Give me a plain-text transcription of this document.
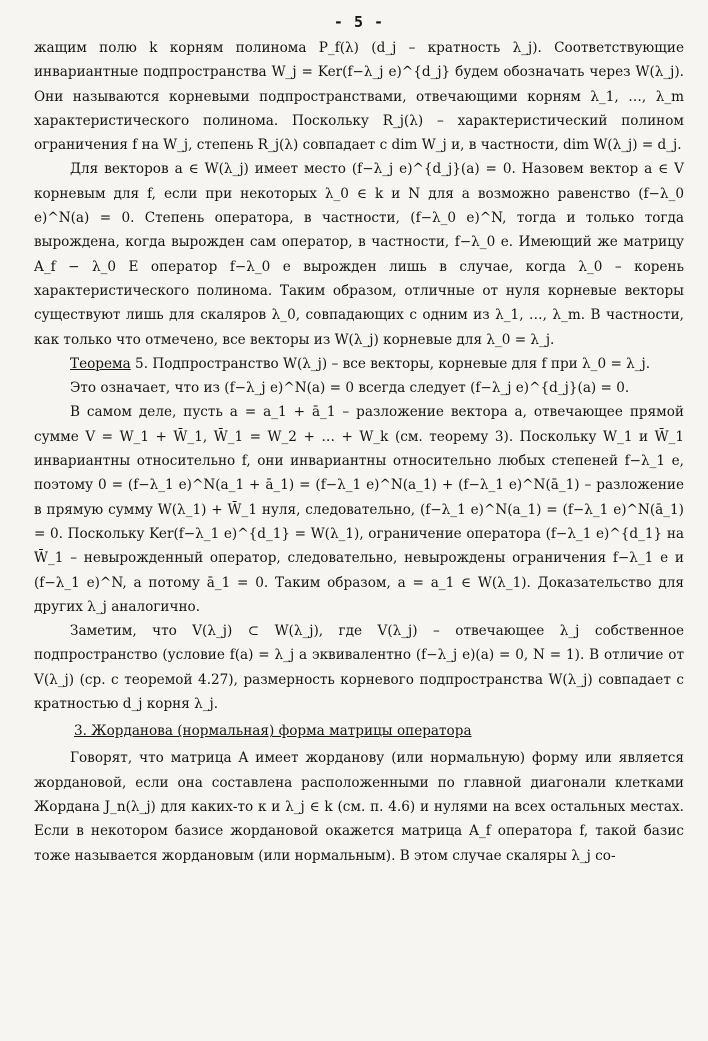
- 5 -

жащим полю k корням полинома P_f(λ) (d_j – кратность λ_j). Соответствующие инвариантные подпространства W_j = Ker(f−λ_j e)^{d_j} будем обозначать через W(λ_j). Они называются корневыми подпространствами, отвечающими корням λ_1, …, λ_m характеристического полинома. Поскольку R_j(λ) – характеристический полином ограничения f на W_j, степень R_j(λ) совпадает с dim W_j и, в частности, dim W(λ_j) = d_j.

Для векторов a ∈ W(λ_j) имеет место (f−λ_j e)^{d_j}(a) = 0. Назовем вектор a ∈ V корневым для f, если при некоторых λ_0 ∈ k и N для a возможно равенство (f−λ_0 e)^N(a) = 0. Степень оператора, в частности, (f−λ_0 e)^N, тогда и только тогда вырождена, когда вырожден сам оператор, в частности, f−λ_0 e. Имеющий же матрицу A_f − λ_0 E оператор f−λ_0 e вырожден лишь в случае, когда λ_0 – корень характеристического полинома. Таким образом, отличные от нуля корневые векторы существуют лишь для скаляров λ_0, совпадающих с одним из λ_1, …, λ_m. В частности, как только что отмечено, все векторы из W(λ_j) корневые для λ_0 = λ_j.

Теорема 5. Подпространство W(λ_j) – все векторы, корневые для f при λ_0 = λ_j.

Это означает, что из (f−λ_j e)^N(a) = 0 всегда следует (f−λ_j e)^{d_j}(a) = 0.

В самом деле, пусть a = a_1 + ā_1 – разложение вектора a, отвечающее прямой сумме V = W_1 + W̄_1, W̄_1 = W_2 + … + W_k (см. теорему 3). Поскольку W_1 и W̄_1 инвариантны относительно f, они инвариантны относительно любых степеней f−λ_1 e, поэтому 0 = (f−λ_1 e)^N(a_1 + ā_1) = (f−λ_1 e)^N(a_1) + (f−λ_1 e)^N(ā_1) – разложение в прямую сумму W(λ_1) + W̄_1 нуля, следовательно, (f−λ_1 e)^N(a_1) = (f−λ_1 e)^N(ā_1) = 0. Поскольку Ker(f−λ_1 e)^{d_1} = W(λ_1), ограничение оператора (f−λ_1 e)^{d_1} на W̄_1 – невырожденный оператор, следовательно, невырождены ограничения f−λ_1 e и (f−λ_1 e)^N, а потому ā_1 = 0. Таким образом, a = a_1 ∈ W(λ_1). Доказательство для других λ_j аналогично.

Заметим, что V(λ_j) ⊂ W(λ_j), где V(λ_j) – отвечающее λ_j собственное подпространство (условие f(a) = λ_j a эквивалентно (f−λ_j e)(a) = 0, N = 1). В отличие от V(λ_j) (ср. с теоремой 4.27), размерность корневого подпространства W(λ_j) совпадает с кратностью d_j корня λ_j.

3. Жорданова (нормальная) форма матрицы оператора

Говорят, что матрица A имеет жорданову (или нормальную) форму или является жордановой, если она составлена расположенными по главной диагонали клетками Жордана J_n(λ_j) для каких-то к и λ_j ∈ k (см. п. 4.6) и нулями на всех остальных местах. Если в некотором базисе жордановой окажется матрица A_f оператора f, такой базис тоже называется жордановым (или нормальным). В этом случае скаляры λ_j со-
